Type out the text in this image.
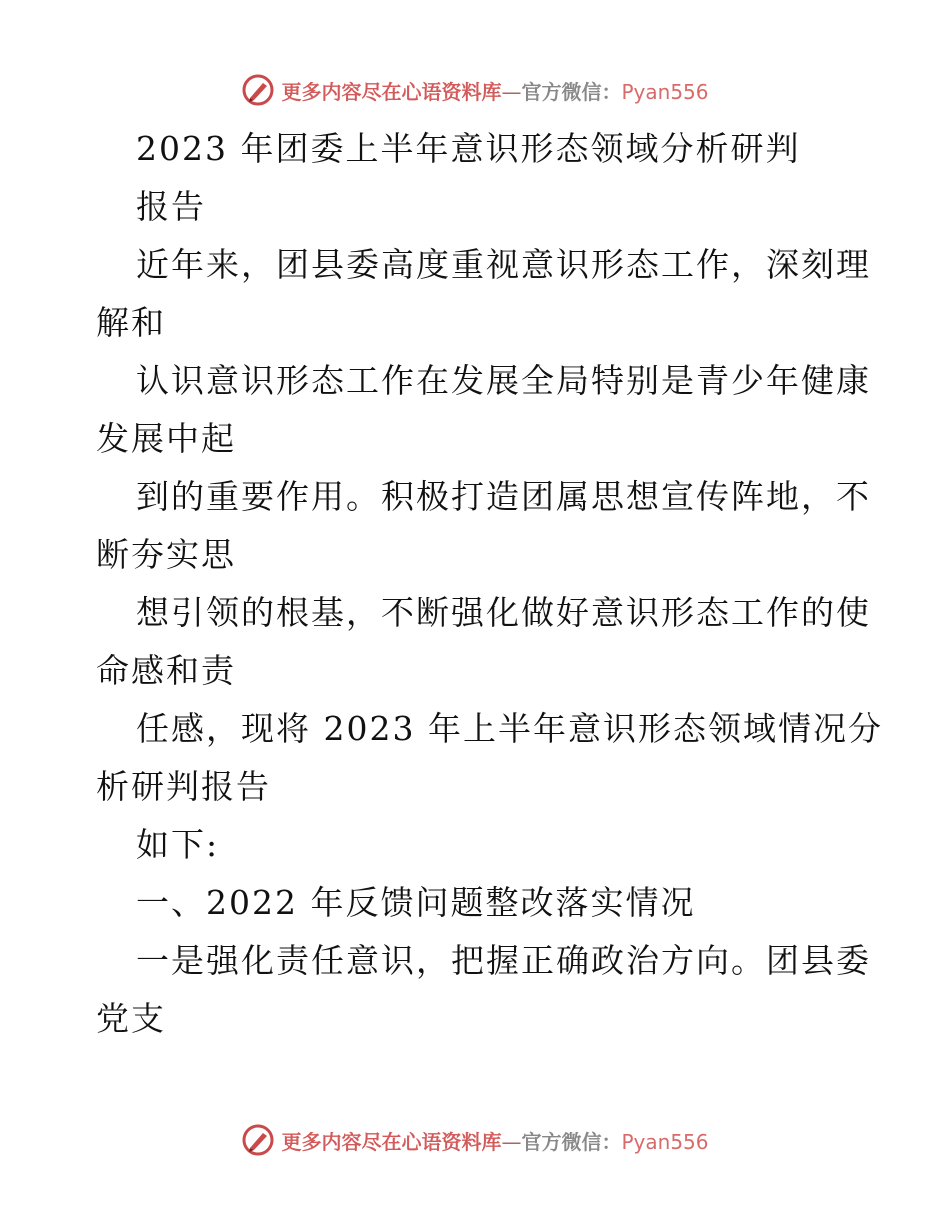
更多内容尽在心语资料库—官方微信：Pyan556
2023 年团委上半年意识形态领域分析研判
报告
近年来，团县委高度重视意识形态工作，深刻理
解和
认识意识形态工作在发展全局特别是青少年健康
发展中起
到的重要作用。积极打造团属思想宣传阵地，不
断夯实思
想引领的根基，不断强化做好意识形态工作的使
命感和责
任感，现将 2023 年上半年意识形态领域情况分
析研判报告
如下:
一、2022 年反馈问题整改落实情况
一是强化责任意识，把握正确政治方向。团县委
党支
更多内容尽在心语资料库—官方微信：Pyan556
